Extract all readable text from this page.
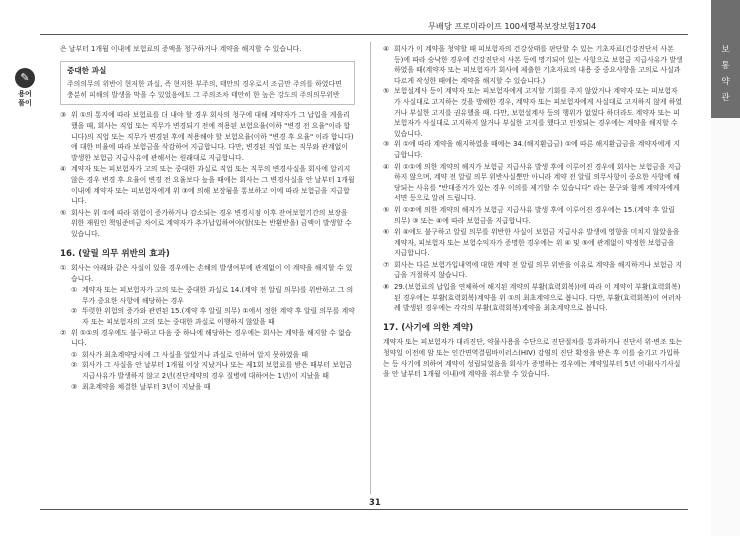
보
통
약
관
무배당 프로미라이프 100세행복보장보험1704
은 날부터 1개월 이내에 보험료의 증액을 청구하거나 계약을 해지할 수 있습니다.
✎
용어
풀이
중대한 과실
주의의무의 위반이 현저한 과실, 즉 현저한 부주의, 태만의 경우로서 조금만 주의를 하였다면 충분히 피해의 발생을 막을 수 있었음에도 그 주의조차 태만히 한 높은 강도의 주의의무위반
③ 위 ①의 통지에 따라 보험료를 더 내야 할 경우 회사의 청구에 대해 계약자가 그 납입을 게을리 했을 때, 회사는 직업 또는 직무가 변경되기 전에 적용된 보험요율(이하 "변경 전 요율"이라 합니다)의 직업 또는 직무가 변경된 후에 적용해야 할 보험요율(이하 "변경 후 요율" 이라 합니다)에 대한 비율에 따라 보험금을 삭감하여 지급합니다. 다만, 변경된 직업 또는 직무와 관계없이 발생한 보험금 지급사유에 관해서는 원래대로 지급합니다.
④ 계약자 또는 피보험자가 고의 또는 중대한 과실로 직업 또는 직무의 변경사실을 회사에 알리지 않은 경우 변경 후 요율이 변경 전 요율보다 높을 때에는 회사는 그 변경사실을 안 날부터 1개월 이내에 계약자 또는 피보험자에게 위 ③에 의해 보장됨을 통보하고 이에 따라 보험금을 지급합니다.
⑤ 회사는 위 ①에 따라 위험이 증가하거나 감소되는 경우 변경시점 이후 잔여보험기간의 보장을 위한 재원인 책임준비금 차이로 계약자가 추가납입하여야(할(또는 반환받을) 금액이 발생할 수 있습니다.
16. (알릴 의무 위반의 효과)
① 회사는 아래와 같은 사실이 있을 경우에는 손해의 발생여부에 관계없이 이 계약을 해지할 수 있습니다.
① 계약자 또는 피보험자가 고의 또는 중대한 과실로 14.(계약 전 알릴 의무)를 위반하고 그 의무가 중요한 사항에 해당하는 경우
② 뚜렷한 위험의 증가와 관련된 15.(계약 후 알릴 의무) ①에서 정한 계약 후 알릴 의무를 계약자 또는 피보험자의 고의 또는 중대한 과실로 이행하지 않았을 때
② 위 ①①의 경우에도 불구하고 다음 중 하나에 해당하는 경우에는 회사는 계약을 해지할 수 없습니다.
① 회사가 최초계약당시에 그 사실을 알았거나 과실로 인하여 알지 못하였을 때
② 회사가 그 사실을 안 날부터 1개월 이상 지났거나 또는 제1회 보험료를 받은 때부터 보험금 지급사유가 발생하지 않고 2년(진단계약의 경우 질병에 대하여는 1년)이 지났을 때
③ 최초계약을 체결한 날부터 3년이 지났을 때
④ 회사가 이 계약을 청약할 때 피보험자의 건강상태를 판단할 수 있는 기초자료(건강진단서 사본 등)에 따라 승낙한 경우에 건강진단서 사본 등에 명기되어 있는 사항으로 보험금 지급사유가 발생하였을 때(계약자 또는 피보험자가 회사에 제출한 기초자료의 내용 중 중요사항을 고의로 사실과 다르게 작성한 때에는 계약을 해지할 수 있습니다.)
⑤ 보험설계사 등이 계약자 또는 피보험자에게 고지할 기회를 주지 않았거나 계약자 또는 피보험자가 사실대로 고지하는 것을 방해한 경우, 계약자 또는 피보험자에게 사실대로 고지하지 않게 하였거나 부실한 고지를 권유했을 때. 다만, 보험설계사 등의 행위가 없었다 하더라도 계약자 또는 피보험자가 사실대로 고지하지 않거나 부실한 고지를 했다고 인정되는 경우에는 계약을 해지할 수 있습니다.
③ 위 ①에 따라 계약을 해지하였을 때에는 34.(해지환급금) ①에 따른 해지환급금을 계약자에게 지급합니다.
④ 위 ①①에 의한 계약의 해지가 보험금 지급사유 발생 후에 이루어진 경우에 회사는 보험금을 지급하지 않으며, 계약 전 알릴 의무 위반사실뿐만 아니라 계약 전 알릴 의무사항이 중요한 사항에 해당되는 사유를 "반대증거가 있는 경우 이의를 제기할 수 있습니다" 라는 문구와 함께 계약자에게 서면 등으로 알려 드립니다.
⑤ 위 ①②에 의한 계약의 해지가 보험금 지급사유 발생 후에 이루어진 경우에는 15.(계약 후 알릴 의무) ③ 또는 ④에 따라 보험금을 지급합니다.
⑥ 위 ④에도 불구하고 알릴 의무를 위반한 사실이 보험금 지급사유 발생에 영향을 미치지 않았음을 계약자, 피보험자 또는 보험수익자가 증명한 경우에는 위 ④ 및 ⑤에 관계없이 약정한 보험금을 지급합니다.
⑦ 회사는 다른 보험가입내역에 대한 계약 전 알릴 의무 위반을 이유로 계약을 해지하거나 보험금 지급을 거절하지 않습니다.
⑧ 29.(보험료의 납입을 연체하여 해지된 계약의 부활(효력회복))에 따라 이 계약이 부활(효력회복)된 경우에는 부활(효력회복)계약을 위 ①의 최초계약으로 봅니다. 다만, 부활(효력회복)이 여러차례 발생된 경우에는 각각의 부활(효력회복)계약을 최초계약으로 봅니다.
17. (사기에 의한 계약)
계약자 또는 피보험자가 대리진단, 약물사용을 수단으로 진단절차를 통과하거나 진단서 위·변조 또는 청약일 이전에 암 또는 인간면역결핍바이러스(HIV) 감염의 진단 확정을 받은 후 이를 숨기고 가입하는 등 사기에 의하여 계약이 성립되었음을 회사가 증명하는 경우에는 계약일부터 5년 이내(사기사실을 안 날부터 1개월 이내)에 계약을 취소할 수 있습니다.
31
